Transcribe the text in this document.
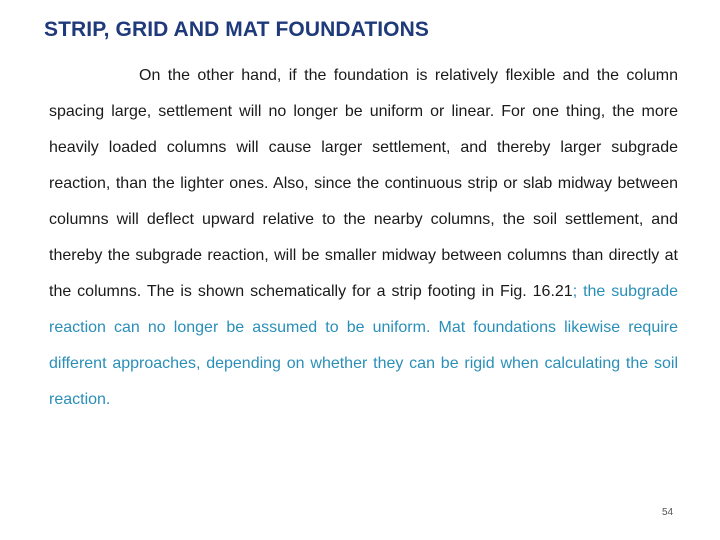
STRIP, GRID AND MAT FOUNDATIONS
On the other hand, if the foundation is relatively flexible and the column spacing large, settlement will no longer be uniform or linear. For one thing, the more heavily loaded columns will cause larger settlement, and thereby larger subgrade reaction, than the lighter ones. Also, since the continuous strip or slab midway between columns will deflect upward relative to the nearby columns, the soil settlement, and thereby the subgrade reaction, will be smaller midway between columns than directly at the columns. The is shown schematically for a strip footing in Fig. 16.21; the subgrade reaction can no longer be assumed to be uniform. Mat foundations likewise require different approaches, depending on whether they can be rigid when calculating the soil reaction.
54
